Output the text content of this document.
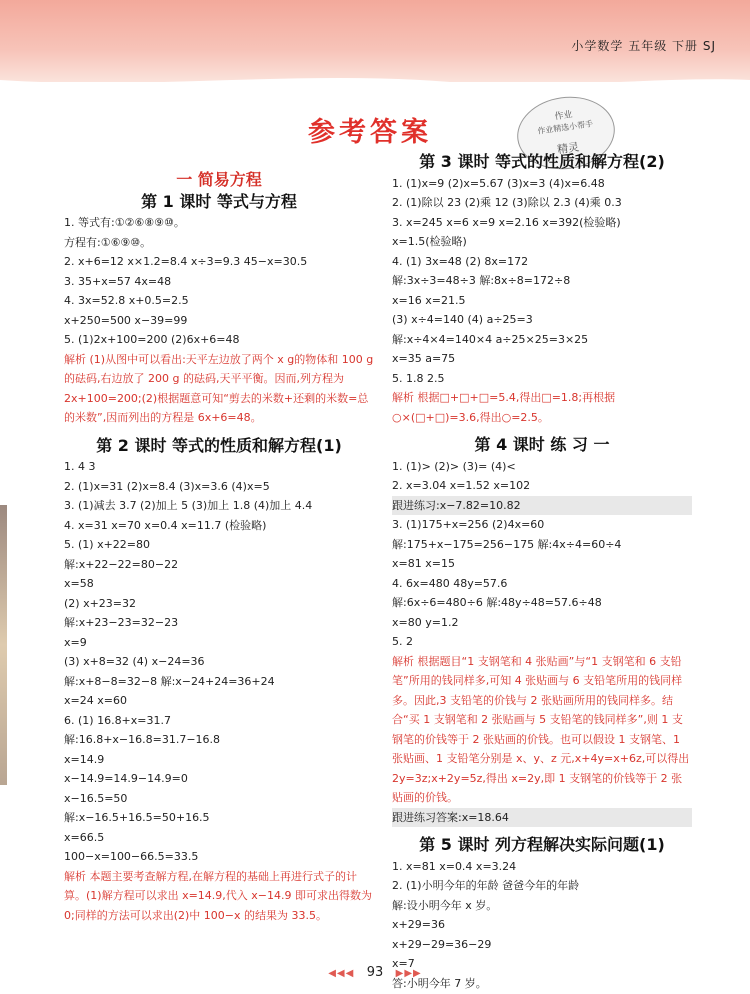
小学数学 五年级 下册 SJ
参考答案
作业
作业精选小帮手
精灵
一 简易方程
第 1 课时 等式与方程
1. 等式有:①②⑥⑧⑨⑩。
方程有:①⑥⑨⑩。
2. x+6=12 x×1.2=8.4 x÷3=9.3 45−x=30.5
3. 35+x=57 4x=48
4. 3x=52.8 x+0.5=2.5
x+250=500 x−39=99
5. (1)2x+100=200 (2)6x+6=48
解析 (1)从图中可以看出:天平左边放了两个 x g的物体和 100 g 的砝码,右边放了 200 g 的砝码,天平平衡。因而,列方程为 2x+100=200;(2)根据题意可知“剪去的米数+还剩的米数=总的米数”,因而列出的方程是 6x+6=48。
第 2 课时 等式的性质和解方程(1)
1. 4 3
2. (1)x=31 (2)x=8.4 (3)x=3.6 (4)x=5
3. (1)减去 3.7 (2)加上 5 (3)加上 1.8 (4)加上 4.4
4. x=31 x=70 x=0.4 x=11.7 (检验略)
5. (1) x+22=80
解:x+22−22=80−22
x=58
(2) x+23=32
解:x+23−23=32−23
x=9
(3) x+8=32 (4) x−24=36
解:x+8−8=32−8 解:x−24+24=36+24
x=24 x=60
6. (1) 16.8+x=31.7
解:16.8+x−16.8=31.7−16.8
x=14.9
x−14.9=14.9−14.9=0
x−16.5=50
解:x−16.5+16.5=50+16.5
x=66.5
100−x=100−66.5=33.5
解析 本题主要考查解方程,在解方程的基础上再进行式子的计算。(1)解方程可以求出 x=14.9,代入 x−14.9 即可求出得数为 0;同样的方法可以求出(2)中 100−x 的结果为 33.5。
第 3 课时 等式的性质和解方程(2)
1. (1)x=9 (2)x=5.67 (3)x=3 (4)x=6.48
2. (1)除以 23 (2)乘 12 (3)除以 2.3 (4)乘 0.3
3. x=245 x=6 x=9 x=2.16 x=392(检验略)
x=1.5(检验略)
4. (1) 3x=48 (2) 8x=172
解:3x÷3=48÷3 解:8x÷8=172÷8
x=16 x=21.5
(3) x÷4=140 (4) a÷25=3
解:x÷4×4=140×4 a÷25×25=3×25
x=35 a=75
5. 1.8 2.5
解析 根据□+□+□=5.4,得出□=1.8;再根据○×(□+□)=3.6,得出○=2.5。
第 4 课时 练 习 一
1. (1)> (2)> (3)= (4)<
2. x=3.04 x=1.52 x=102
跟进练习:x−7.82=10.82
3. (1)175+x=256 (2)4x=60
解:175+x−175=256−175 解:4x÷4=60÷4
x=81 x=15
4. 6x=480 48y=57.6
解:6x÷6=480÷6 解:48y÷48=57.6÷48
x=80 y=1.2
5. 2
解析 根据题目“1 支钢笔和 4 张贴画”与“1 支钢笔和 6 支铅笔”所用的钱同样多,可知 4 张贴画与 6 支铅笔所用的钱同样多。因此,3 支铅笔的价钱与 2 张贴画所用的钱同样多。结合“买 1 支钢笔和 2 张贴画与 5 支铅笔的钱同样多”,则 1 支钢笔的价钱等于 2 张贴画的价钱。也可以假设 1 支钢笔、1 张贴画、1 支铅笔分别是 x、y、z 元,x+4y=x+6z,可以得出 2y=3z;x+2y=5z,得出 x=2y,即 1 支钢笔的价钱等于 2 张贴画的价钱。
跟进练习答案:x=18.64
第 5 课时 列方程解决实际问题(1)
1. x=81 x=0.4 x=3.24
2. (1)小明今年的年龄 爸爸今年的年龄
解:设小明今年 x 岁。
x+29=36
x+29−29=36−29
x=7
答:小明今年 7 岁。
◀◀◀ 93 ▶▶▶
